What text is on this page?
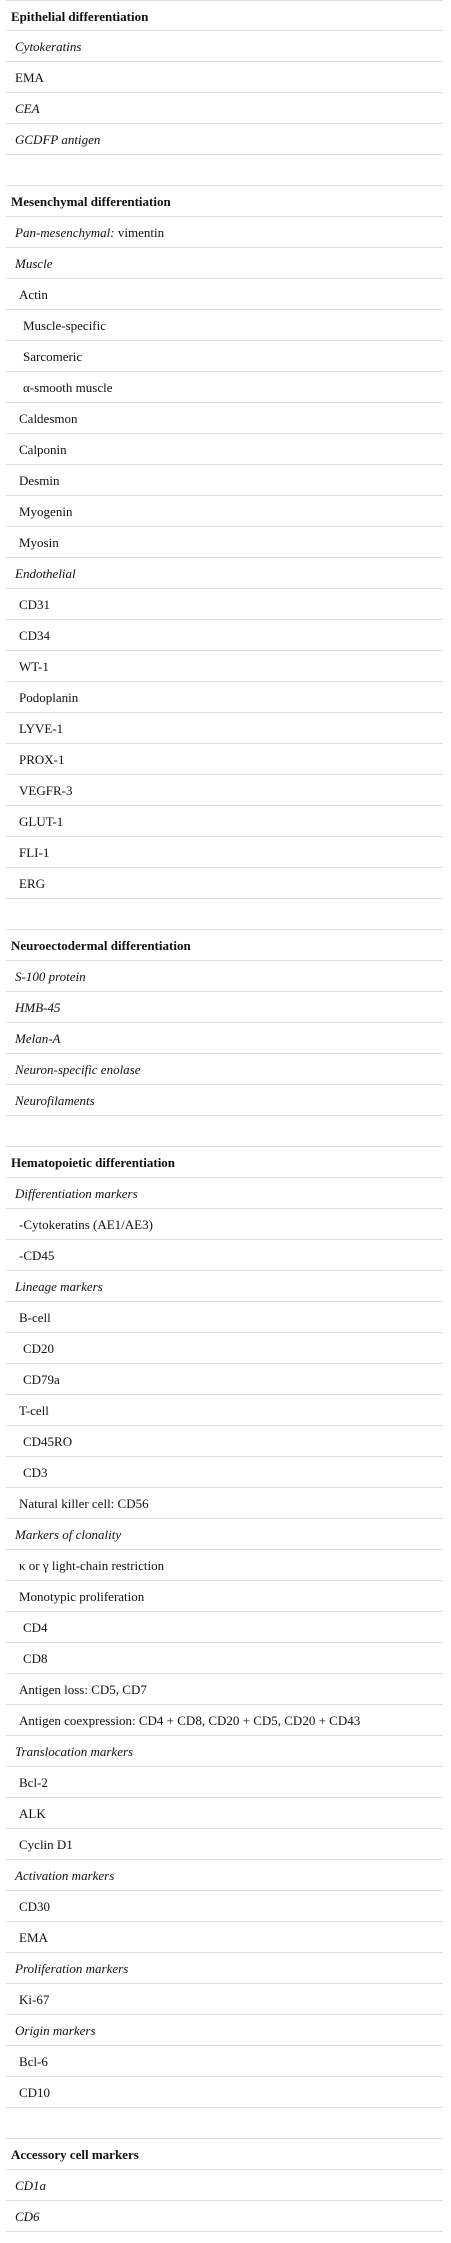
Epithelial differentiation
Cytokeratins
EMA
CEA
GCDFP antigen
Mesenchymal differentiation
Pan-mesenchymal: vimentin
Muscle
Actin
Muscle-specific
Sarcomeric
α-smooth muscle
Caldesmon
Calponin
Desmin
Myogenin
Myosin
Endothelial
CD31
CD34
WT-1
Podoplanin
LYVE-1
PROX-1
VEGFR-3
GLUT-1
FLI-1
ERG
Neuroectodermal differentiation
S-100 protein
HMB-45
Melan-A
Neuron-specific enolase
Neurofilaments
Hematopoietic differentiation
Differentiation markers
-Cytokeratins (AE1/AE3)
-CD45
Lineage markers
B-cell
CD20
CD79a
T-cell
CD45RO
CD3
Natural killer cell: CD56
Markers of clonality
κ or γ light-chain restriction
Monotypic proliferation
CD4
CD8
Antigen loss: CD5, CD7
Antigen coexpression: CD4 + CD8, CD20 + CD5, CD20 + CD43
Translocation markers
Bcl-2
ALK
Cyclin D1
Activation markers
CD30
EMA
Proliferation markers
Ki-67
Origin markers
Bcl-6
CD10
Accessory cell markers
CD1a
CD6
